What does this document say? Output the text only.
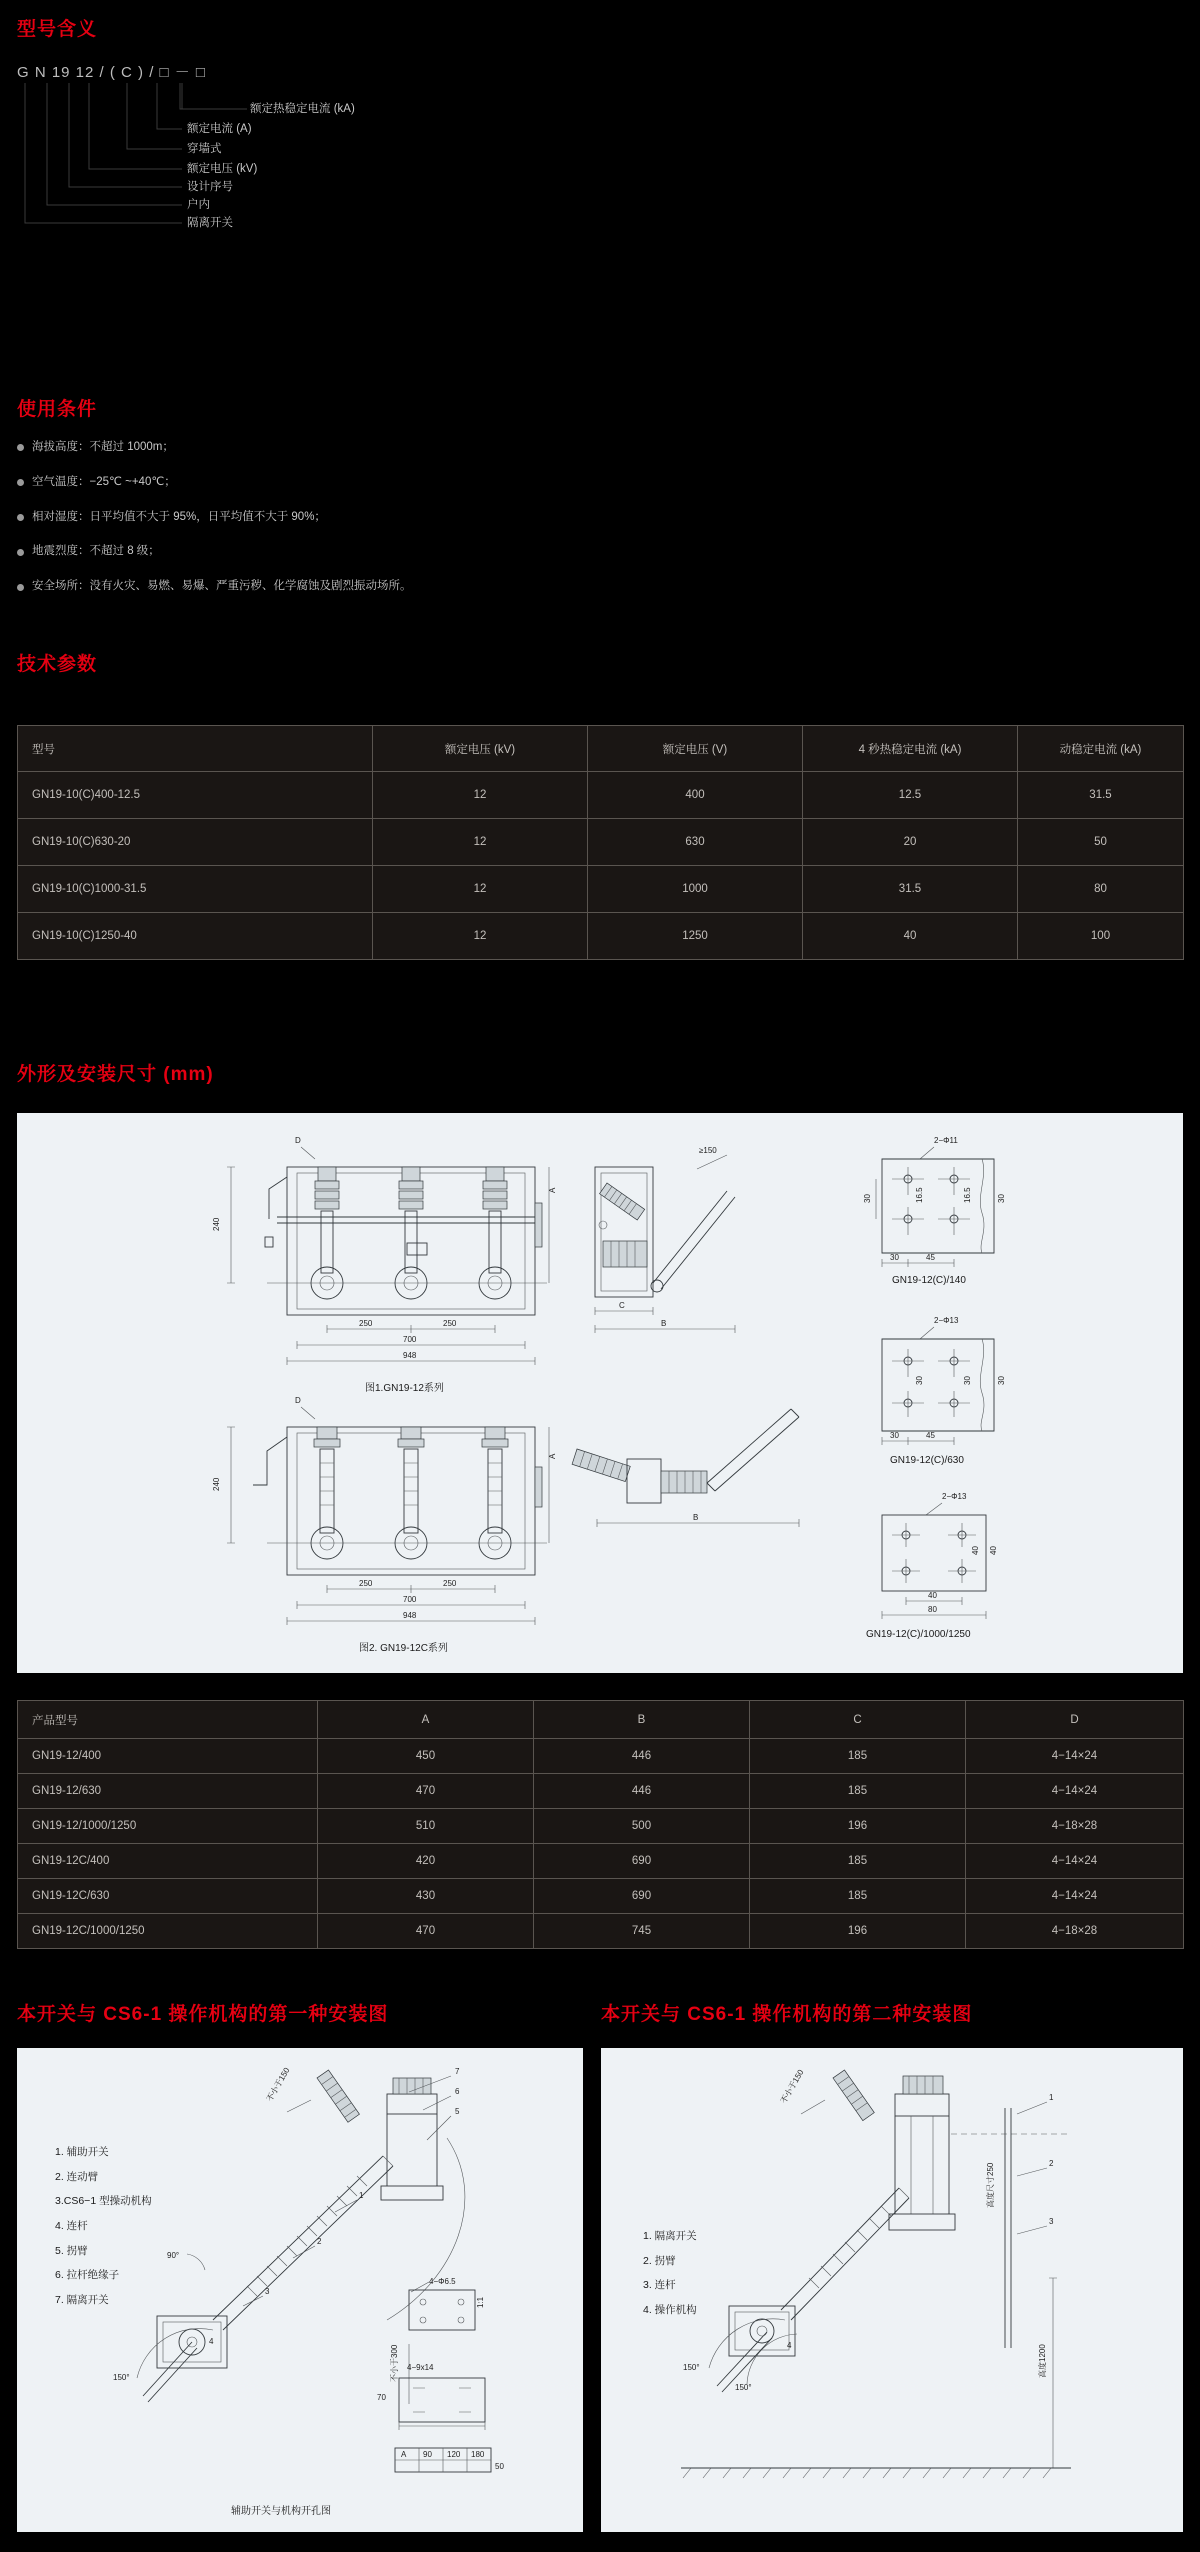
型号含义
G N 19 12 / ( C ) / □ － □
额定热稳定电流 (kA)
额定电流 (A)
穿墙式
额定电压 (kV)
设计序号
户内
隔离开关
使用条件
海拔高度：不超过 1000m；
空气温度：−25℃ ~+40℃；
相对湿度：日平均值不大于 95%，日平均值不大于 90%；
地震烈度：不超过 8 级；
安全场所：没有火灾、易燃、易爆、严重污秽、化学腐蚀及剧烈振动场所。
技术参数
型号	额定电压 (kV)	额定电压 (V)	4 秒热稳定电流 (kA)	动稳定电流 (kA)
GN19-10(C)400-12.5	12	400	12.5	31.5
GN19-10(C)630-20	12	630	20	50
GN19-10(C)1000-31.5	12	1000	31.5	80
GN19-10(C)1250-40	12	1250	40	100
外形及安装尺寸 (mm)
D
240
250	250
700
948
A
图1.GN19-12系列
≥150
C
B
D
240
250	250
700
948
A
图2. GN19-12C系列
B
2−Φ11
30	16.5	30
16.5
30	45
GN19-12(C)/140
2−Φ13
30	30	30
30	45
GN19-12(C)/630
2−Φ13
40
40
40
80
GN19-12(C)/1000/1250
产品型号	A	B	C	D
GN19-12/400	450	446	185	4−14×24
GN19-12/630	470	446	185	4−14×24
GN19-12/1000/1250	510	500	196	4−18×28
GN19-12C/400	420	690	185	4−14×24
GN19-12C/630	430	690	185	4−14×24
GN19-12C/1000/1250	470	745	196	4−18×28
本开关与 CS6-1 操作机构的第一种安装图	本开关与 CS6-1 操作机构的第二种安装图
不小于150	7
6
5
150°
90°
1
2
3
4
4−Φ6.5
1:1
不小于300 4−9x14
70
A 90 120 180
50
辅助开关与机构开孔图
1. 辅助开关
2. 连动臂
3.CS6−1 型操动机构
4. 连杆
5. 拐臂
6. 拉杆绝缘子
7. 隔离开关
不小于150
高度尺寸250
1
2
3
150°
150°
高度1200
4
1. 隔离开关
2. 拐臂
3. 连杆
4. 操作机构
